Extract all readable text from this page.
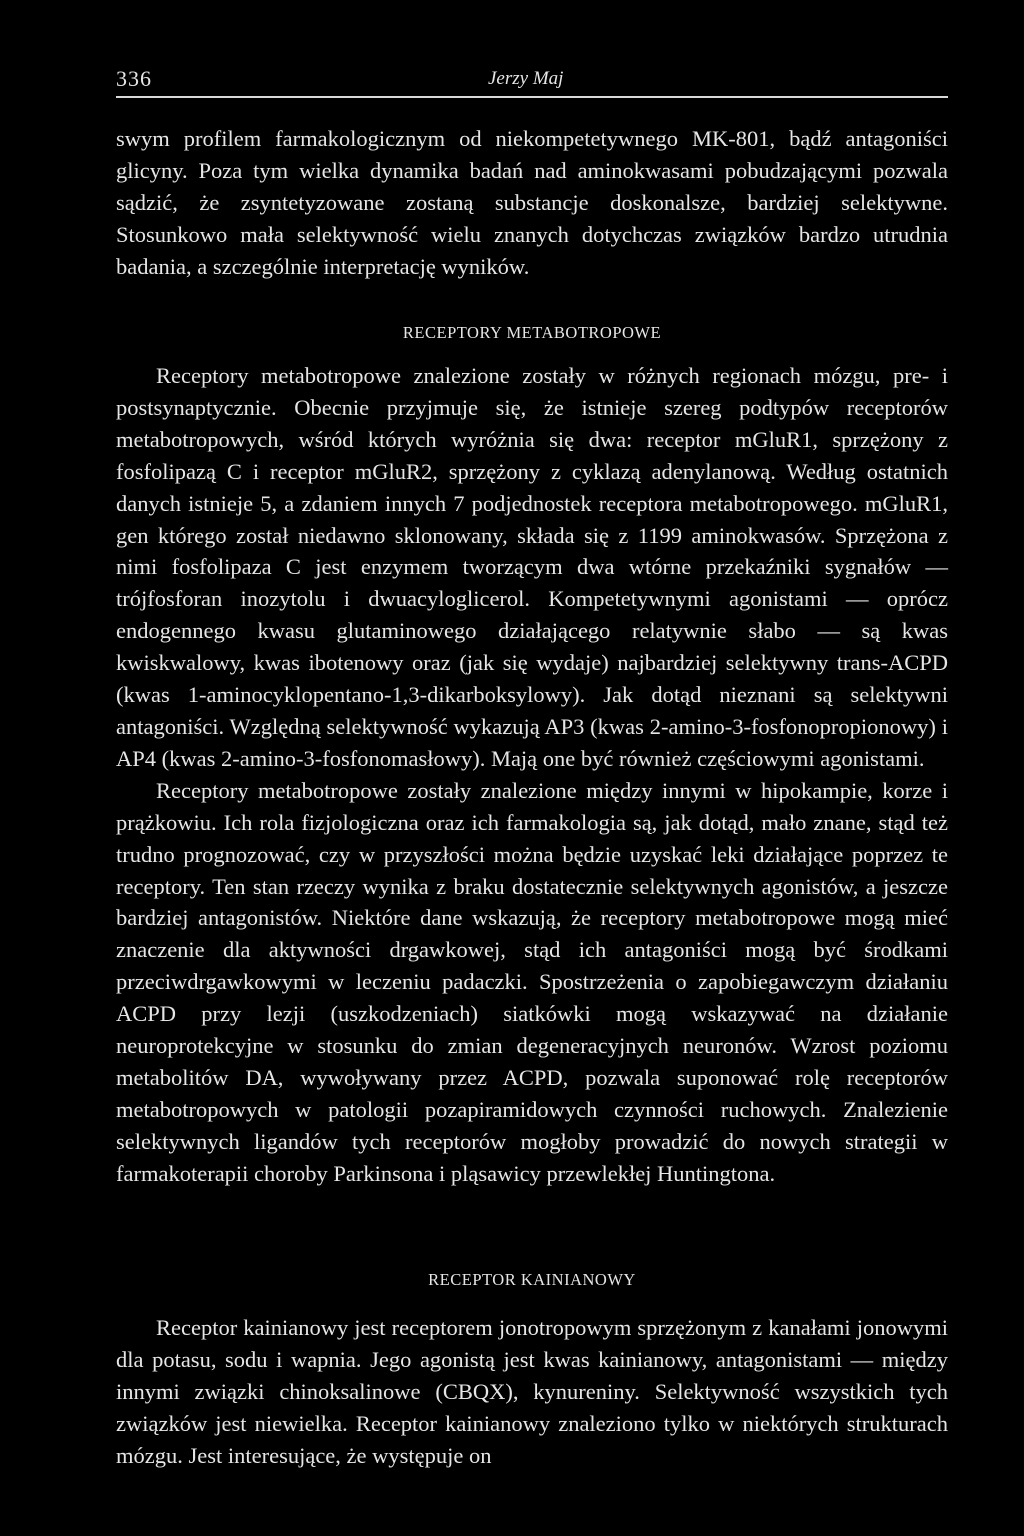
336	Jerzy Maj

swym profilem farmakologicznym od niekompetetywnego MK-801, bądź antagoniści glicyny. Poza tym wielka dynamika badań nad aminokwasami pobudzającymi pozwala sądzić, że zsyntetyzowane zostaną substancje doskonalsze, bardziej selektywne. Stosunkowo mała selektywność wielu znanych dotychczas związków bardzo utrudnia badania, a szczególnie interpretację wyników.

RECEPTORY METABOTROPOWE

Receptory metabotropowe znalezione zostały w różnych regionach mózgu, pre- i postsynaptycznie. Obecnie przyjmuje się, że istnieje szereg podtypów receptorów metabotropowych, wśród których wyróżnia się dwa: receptor mGluR1, sprzężony z fosfolipazą C i receptor mGluR2, sprzężony z cyklazą adenylanową. Według ostatnich danych istnieje 5, a zdaniem innych 7 podjednostek receptora metabotropowego. mGluR1, gen którego został niedawno sklonowany, składa się z 1199 aminokwasów. Sprzężona z nimi fosfolipaza C jest enzymem tworzącym dwa wtórne przekaźniki sygnałów — trójfosforan inozytolu i dwuacyloglicerol. Kompetetywnymi agonistami — oprócz endogennego kwasu glutaminowego działającego relatywnie słabo — są kwas kwiskwalowy, kwas ibotenowy oraz (jak się wydaje) najbardziej selektywny trans-ACPD (kwas 1-aminocyklopentano-1,3-dikarboksylowy). Jak dotąd nieznani są selektywni antagoniści. Względną selektywność wykazują AP3 (kwas 2-amino-3-fosfonopropionowy) i AP4 (kwas 2-amino-3-fosfonomasłowy). Mają one być również częściowymi agonistami.

Receptory metabotropowe zostały znalezione między innymi w hipokampie, korze i prążkowiu. Ich rola fizjologiczna oraz ich farmakologia są, jak dotąd, mało znane, stąd też trudno prognozować, czy w przyszłości można będzie uzyskać leki działające poprzez te receptory. Ten stan rzeczy wynika z braku dostatecznie selektywnych agonistów, a jeszcze bardziej antagonistów. Niektóre dane wskazują, że receptory metabotropowe mogą mieć znaczenie dla aktywności drgawkowej, stąd ich antagoniści mogą być środkami przeciwdrgawkowymi w leczeniu padaczki. Spostrzeżenia o zapobiegawczym działaniu ACPD przy lezji (uszkodzeniach) siatkówki mogą wskazywać na działanie neuroprotekcyjne w stosunku do zmian degeneracyjnych neuronów. Wzrost poziomu metabolitów DA, wywoływany przez ACPD, pozwala suponować rolę receptorów metabotropowych w patologii pozapiramidowych czynności ruchowych. Znalezienie selektywnych ligandów tych receptorów mogłoby prowadzić do nowych strategii w farmakoterapii choroby Parkinsona i pląsawicy przewlekłej Huntingtona.

RECEPTOR KAINIANOWY

Receptor kainianowy jest receptorem jonotropowym sprzężonym z kanałami jonowymi dla potasu, sodu i wapnia. Jego agonistą jest kwas kainianowy, antagonistami — między innymi związki chinoksalinowe (CBQX), kynureniny. Selektywność wszystkich tych związków jest niewielka. Receptor kainianowy znaleziono tylko w niektórych strukturach mózgu. Jest interesujące, że występuje on
